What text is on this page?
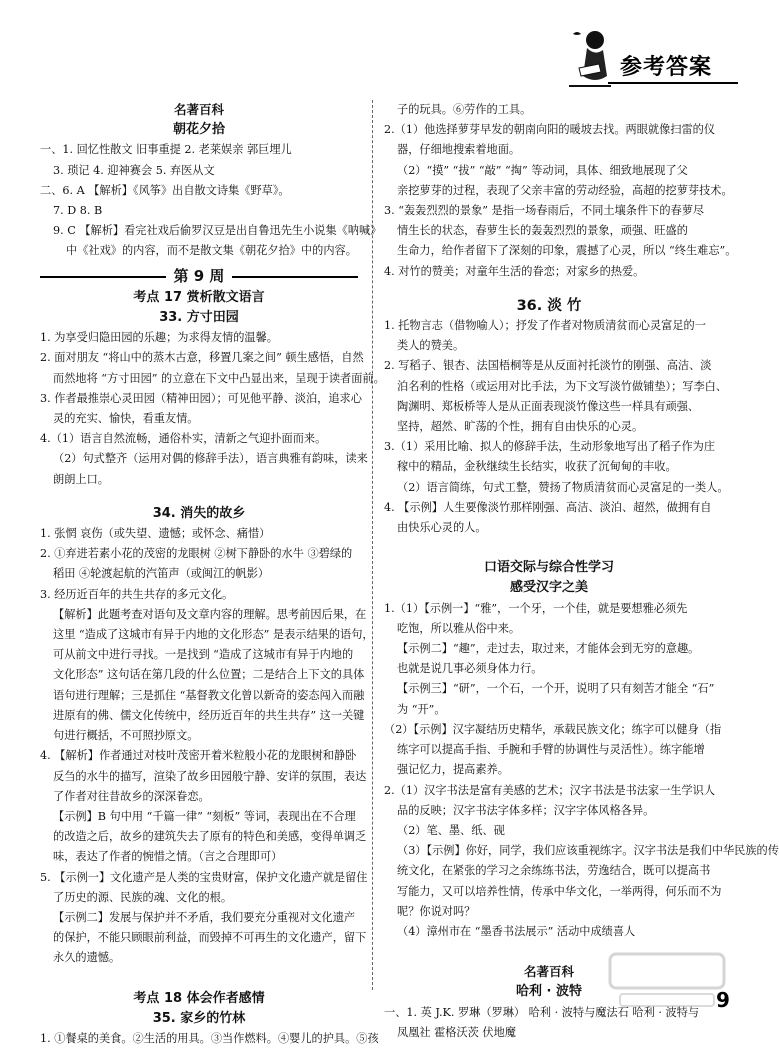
参考答案
名著百科
朝花夕拾
一、1. 回忆性散文 旧事重提 2. 老莱娱亲 郭巨埋儿
3. 琐记 4. 迎神赛会 5. 弃医从文
二、6. A 【解析】《风筝》出自散文诗集《野草》。
7. D 8. B
9. C 【解析】看完社戏后偷罗汉豆是出自鲁迅先生小说集《呐喊》
中《社戏》的内容，而不是散文集《朝花夕拾》中的内容。
第 9 周
考点 17 赏析散文语言
33. 方寸田园
1. 为享受归隐田园的乐趣；为求得友情的温馨。
2. 面对朋友 “将山中的蒸木古意，移置几案之间” 顿生感悟，自然
而然地将 “方寸田园” 的立意在下文中凸显出来，呈现于读者面前。
3. 作者最推崇心灵田园（精神田园）；可见他平静、淡泊，追求心
灵的充实、愉快，看重友情。
4.（1）语言自然流畅，通俗朴实，清新之气迎扑面而来。
（2）句式整齐（运用对偶的修辞手法），语言典雅有韵味，读来
朗朗上口。
34. 消失的故乡
1. 张惘 哀伤（或失望、遗憾；或怀念、痛惜）
2. ①弃进若素小花的茂密的龙眼树 ②树下静卧的水牛 ③碧绿的
稻田 ④轮渡起航的汽笛声（或闽江的帆影）
3. 经历近百年的共生共存的多元文化。
【解析】此题考查对语句及文章内容的理解。思考前因后果，在
这里 “造成了这城市有异于内地的文化形态” 是表示结果的语句，
可从前文中进行寻找。一是找到 “造成了这城市有异于内地的
文化形态” 这句话在第几段的什么位置；二是结合上下文的具体
语句进行理解；三是抓住 “基督教文化曾以新奇的姿态闯入而融
进原有的佛、儒文化传统中，经历近百年的共生共存” 这一关键
句进行概括，不可照抄原文。
4. 【解析】作者通过对枝叶茂密开着米粒般小花的龙眼树和静卧
反刍的水牛的描写，渲染了故乡田园般宁静、安详的氛围，表达
了作者对往昔故乡的深深眷恋。
【示例】B 句中用 “千篇一律” “刻板” 等词，表现出在不合理
的改造之后，故乡的建筑失去了原有的特色和美感，变得单调乏
味，表达了作者的惋惜之情。（言之合理即可）
5. 【示例一】文化遗产是人类的宝贵财富，保护文化遗产就是留住
了历史的源、民族的魂、文化的根。
【示例二】发展与保护并不矛盾，我们要充分重视对文化遗产
的保护，不能只顾眼前利益，而毁掉不可再生的文化遗产，留下
永久的遗憾。
考点 18 体会作者感情
35. 家乡的竹林
1. ①餐桌的美食。②生活的用具。③当作燃料。④婴儿的护具。⑤孩
子的玩具。⑥劳作的工具。
2.（1）他选择萝芽早发的朝南向阳的暖坡去找。两眼就像扫雷的仪
器，仔细地搜索着地面。
（2）“摸” “拔” “敲” “掏” 等动词，具体、细致地展现了父
亲挖萝芽的过程，表现了父亲丰富的劳动经验，高超的挖萝芽技术。
3. “轰轰烈烈的景象” 是指一场春雨后，不同土壤条件下的春萝尽
情生长的状态，春萝生长的轰轰烈烈的景象，顽强、旺盛的
生命力，给作者留下了深刻的印象，震撼了心灵，所以 “终生难忘”。
4. 对竹的赞美；对童年生活的眷恋；对家乡的热爱。
36. 淡 竹
1. 托物言志（借物喻人）；抒发了作者对物质清贫而心灵富足的一
类人的赞美。
2. 写稻子、银杏、法国梧桐等是从反面衬托淡竹的刚强、高洁、淡
泊名利的性格（或运用对比手法，为下文写淡竹做铺垫）；写李白、
陶渊明、郑板桥等人是从正面表现淡竹像这些一样具有顽强、
坚持，超然、旷荡的个性，拥有自由快乐的心灵。
3.（1）采用比喻、拟人的修辞手法，生动形象地写出了稻子作为庄
稼中的精品，金秋继续生长结实，收获了沉甸甸的丰收。
（2）语言简练，句式工整，赞扬了物质清贫而心灵富足的一类人。
4. 【示例】人生要像淡竹那样刚强、高洁、淡泊、超然，做拥有自
由快乐心灵的人。
口语交际与综合性学习
感受汉字之美
1.（1）【示例一】“雅”，一个牙，一个佳，就是要想雅必须先
吃饱，所以雅从俗中来。
【示例二】“趣”，走过去，取过来，才能体会到无穷的意趣。
也就是说几事必须身体力行。
【示例三】“研”，一个石，一个开，说明了只有刻苦才能全 “石”
为 “开”。
（2）【示例】汉字凝结历史精华，承载民族文化；练字可以健身（指
练字可以提高手指、手腕和手臂的协调性与灵活性）。练字能增
强记忆力，提高素养。
2.（1）汉字书法是富有美感的艺术；汉字书法是书法家一生学识人
品的反映；汉字书法字体多样；汉字字体风格各异。
（2）笔、墨、纸、砚
（3）【示例】你好，同学，我们应该重视练字。汉字书法是我们中华民族的传
统文化，在紧张的学习之余练练书法，劳逸结合，既可以提高书
写能力，又可以培养性情，传承中华文化，一举两得，何乐而不为
呢？你说对吗？
（4）漳州市在 “墨香书法展示” 活动中成绩喜人
名著百科
哈利 · 波特
一、1. 英 J.K. 罗琳（罗琳） 哈利 · 波特与魔法石 哈利 · 波特与
凤凰社 霍格沃茨 伏地魔
9
